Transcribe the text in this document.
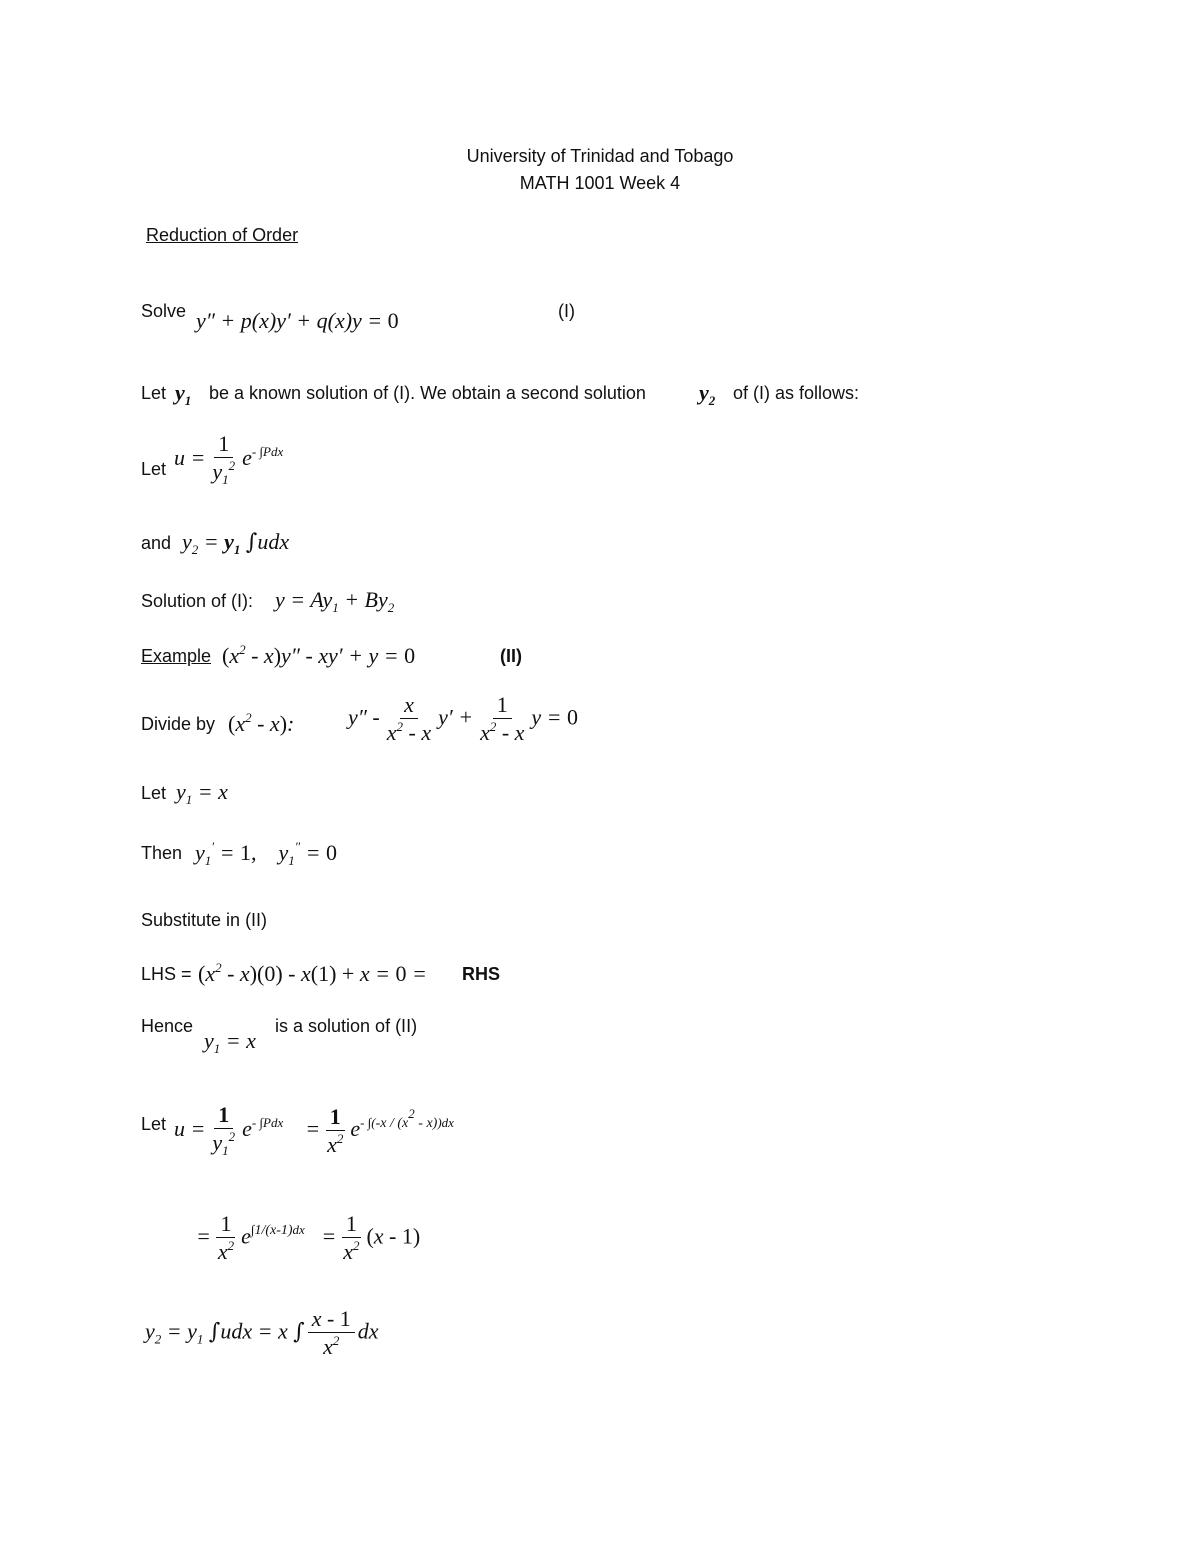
University of Trinidad and Tobago
MATH 1001 Week 4
Reduction of Order
Solve y″ + p(x)y′ + q(x)y = 0	(I)
Let $y_1$ be a known solution of (I). We obtain a second solution $y_2$ of (I) as follows:
Let $u = \frac{1}{y_1^2} e^{- \int Pdx}$
and $y_2 = y_1$ ∫udx
Solution of (I): $y = Ay_1 + By_2$
Example $(x^2 - x)y'' - xy' + y = 0$	(II)
Divide by $(x^2 - x)$: $y'' - \frac{x}{x^2 - x} y' + \frac{1}{x^2 - x}$ y = 0
Let $y_1 = x$
Then $y_1' = 1$,    $y_1'' = 0$
Substitute in (II)
LHS = $(x^2 - x)(0) - x(1) + x = 0$ = RHS
Hence
$y_1 = x$
is a solution of (II)
Let $u = \frac{1}{y_1^2} e^{- \int Pdx}$    = $\frac{1}{x^2} e^{- \int(-x / (x^2 - x))dx}$
= $\frac{1}{x^2} e^{\int 1/(x-1)dx} = \frac{1}{x^2} (x - 1)$
$y_2 = y_1$ ∫udx = x ∫ $\frac{x - 1}{x^2}$ dx
